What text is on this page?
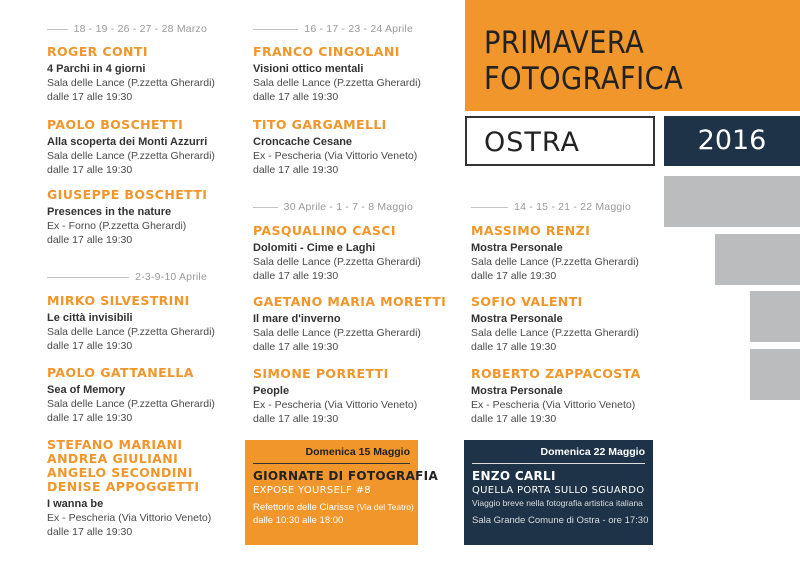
PRIMAVERA
FOTOGRAFICA
OSTRA	2016
18 - 19 - 26 - 27 - 28 Marzo
ROGER CONTI
4 Parchi in 4 giorni
Sala delle Lance (P.zzetta Gherardi)
dalle 17 alle 19:30
PAOLO BOSCHETTI
Alla scoperta dei Monti Azzurri
Sala delle Lance (P.zzetta Gherardi)
dalle 17 alle 19:30
GIUSEPPE BOSCHETTI
Presences in the nature
Ex - Forno (P.zzetta Gherardi)
dalle 17 alle 19:30
2-3-9-10 Aprile
MIRKO SILVESTRINI
Le città invisibili
Sala delle Lance (P.zzetta Gherardi)
dalle 17 alle 19:30
PAOLO GATTANELLA
Sea of Memory
Sala delle Lance (P.zzetta Gherardi)
dalle 17 alle 19:30
STEFANO MARIANI
ANDREA GIULIANI
ANGELO SECONDINI
DENISE APPOGGETTI
I wanna be
Ex - Pescheria (Via Vittorio Veneto)
dalle 17 alle 19:30
16 - 17 - 23 - 24 Aprile
FRANCO CINGOLANI
Visioni ottico mentali
Sala delle Lance (P.zzetta Gherardi)
dalle 17 alle 19:30
TITO GARGAMELLI
Croncache Cesane
Ex - Pescheria (Via Vittorio Veneto)
dalle 17 alle 19:30
30 Aprile - 1 - 7 - 8 Maggio
PASQUALINO CASCI
Dolomiti - Cime e Laghi
Sala delle Lance (P.zzetta Gherardi)
dalle 17 alle 19:30
GAETANO MARIA MORETTI
Il mare d'inverno
Sala delle Lance (P.zzetta Gherardi)
dalle 17 alle 19:30
SIMONE PORRETTI
People
Ex - Pescheria (Via Vittorio Veneto)
dalle 17 alle 19:30
14 - 15 - 21 - 22 Maggio
MASSIMO RENZI
Mostra Personale
Sala delle Lance (P.zzetta Gherardi)
dalle 17 alle 19:30
SOFIO VALENTI
Mostra Personale
Sala delle Lance (P.zzetta Gherardi)
dalle 17 alle 19:30
ROBERTO ZAPPACOSTA
Mostra Personale
Ex - Pescheria (Via Vittorio Veneto)
dalle 17 alle 19:30
Domenica 15 Maggio
GIORNATE DI FOTOGRAFIA
EXPOSE YOURSELF #8
Refettorio delle Clarisse (Via del Teatro)
dalle 10:30 alle 18:00
Domenica 22 Maggio
ENZO CARLI
QUELLA PORTA SULLO SGUARDO
Viaggio breve nella fotografia artistica italiana
Sala Grande Comune di Ostra - ore 17:30
